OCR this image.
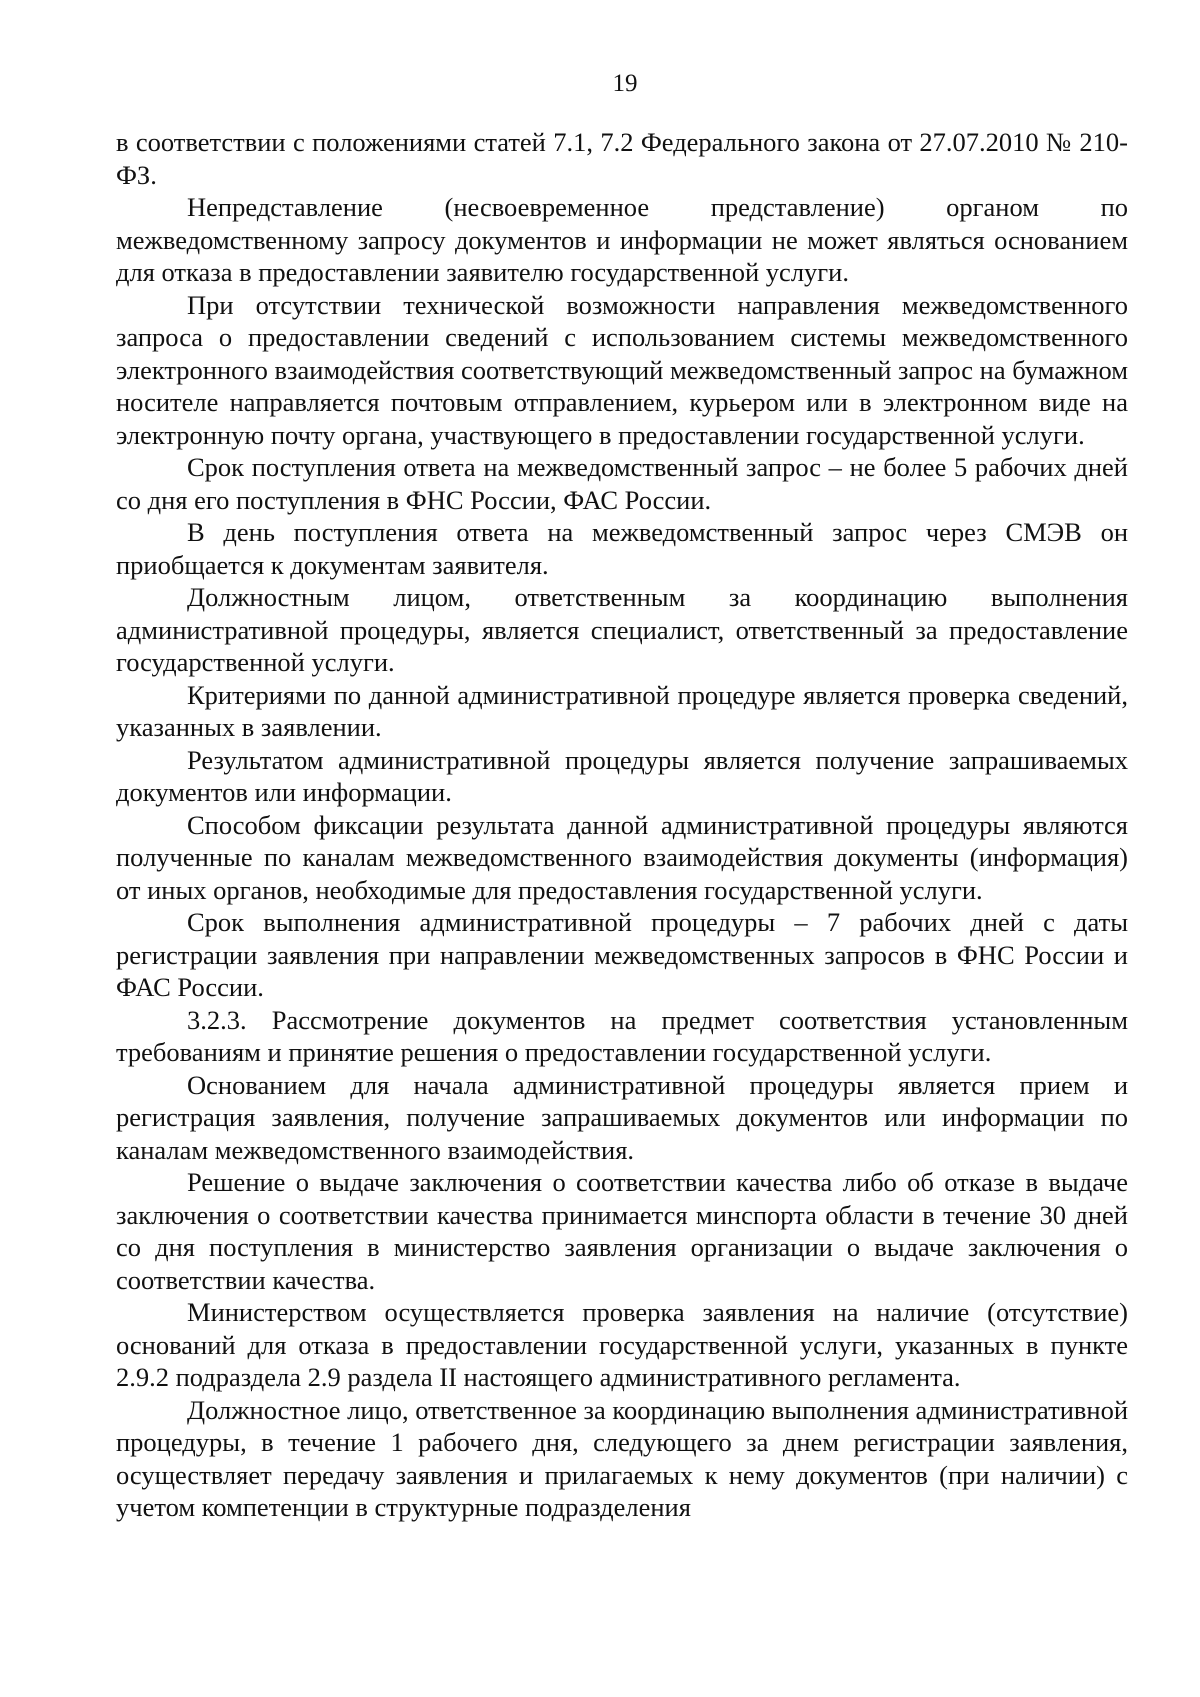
19

в соответствии с положениями статей 7.1, 7.2 Федерального закона от 27.07.2010 № 210-ФЗ.

Непредставление (несвоевременное представление) органом по межведомственному запросу документов и информации не может являться основанием для отказа в предоставлении заявителю государственной услуги.

При отсутствии технической возможности направления межведомственного запроса о предоставлении сведений с использованием системы межведомственного электронного взаимодействия соответствующий межведомственный запрос на бумажном носителе направляется почтовым отправлением, курьером или в электронном виде на электронную почту органа, участвующего в предоставлении государственной услуги.

Срок поступления ответа на межведомственный запрос – не более 5 рабочих дней со дня его поступления в ФНС России, ФАС России.

В день поступления ответа на межведомственный запрос через СМЭВ он приобщается к документам заявителя.

Должностным лицом, ответственным за координацию выполнения административной процедуры, является специалист, ответственный за предоставление государственной услуги.

Критериями по данной административной процедуре является проверка сведений, указанных в заявлении.

Результатом административной процедуры является получение запрашиваемых документов или информации.

Способом фиксации результата данной административной процедуры являются полученные по каналам межведомственного взаимодействия документы (информация) от иных органов, необходимые для предоставления государственной услуги.

Срок выполнения административной процедуры – 7 рабочих дней с даты регистрации заявления при направлении межведомственных запросов в ФНС России и ФАС России.

3.2.3. Рассмотрение документов на предмет соответствия установленным требованиям и принятие решения о предоставлении государственной услуги.

Основанием для начала административной процедуры является прием и регистрация заявления, получение запрашиваемых документов или информации по каналам межведомственного взаимодействия.

Решение о выдаче заключения о соответствии качества либо об отказе в выдаче заключения о соответствии качества принимается минспорта области в течение 30 дней со дня поступления в министерство заявления организации о выдаче заключения о соответствии качества.

Министерством осуществляется проверка заявления на наличие (отсутствие) оснований для отказа в предоставлении государственной услуги, указанных в пункте 2.9.2 подраздела 2.9 раздела II настоящего административного регламента.

Должностное лицо, ответственное за координацию выполнения административной процедуры, в течение 1 рабочего дня, следующего за днем регистрации заявления, осуществляет передачу заявления и прилагаемых к нему документов (при наличии) с учетом компетенции в структурные подразделения
